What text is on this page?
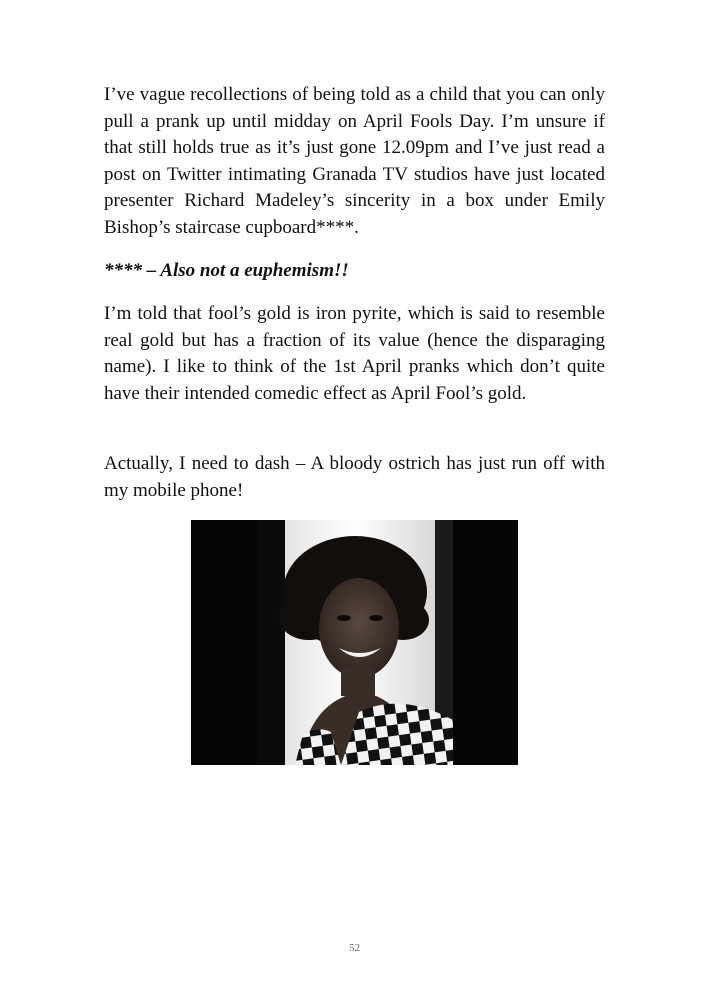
I’ve vague recollections of being told as a child that you can only pull a prank up until midday on April Fools Day. I’m unsure if that still holds true as it’s just gone 12.09pm and I’ve just read a post on Twitter intimating Granada TV studios have just located presenter Richard Madeley’s sincerity in a box under Emily Bishop’s staircase cupboard****.

**** – Also not a euphemism!!

I’m told that fool’s gold is iron pyrite, which is said to resemble real gold but has a fraction of its value (hence the disparaging name). I like to think of the 1st April pranks which don’t quite have their intended comedic effect as April Fool’s gold.

Actually, I need to dash – A bloody ostrich has just run off with my mobile phone!

52
